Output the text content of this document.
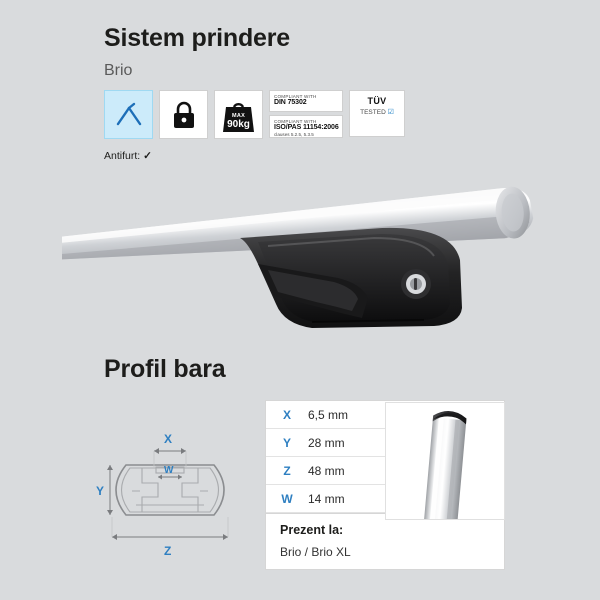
Sistem prindere
Brio
MAX
90kg
COMPLIANT WITH
DIN 75302
COMPLIANT WITH
ISO/PAS 11154:2006
clauses 5.2.5, 5.3.5
TÜV
TESTED ☑
Antifurt: ✓
Profil bara
X
W
Y
Z
X	6,5 mm
Y	28 mm
Z	48 mm
W	14 mm
Prezent la:
Brio / Brio XL
